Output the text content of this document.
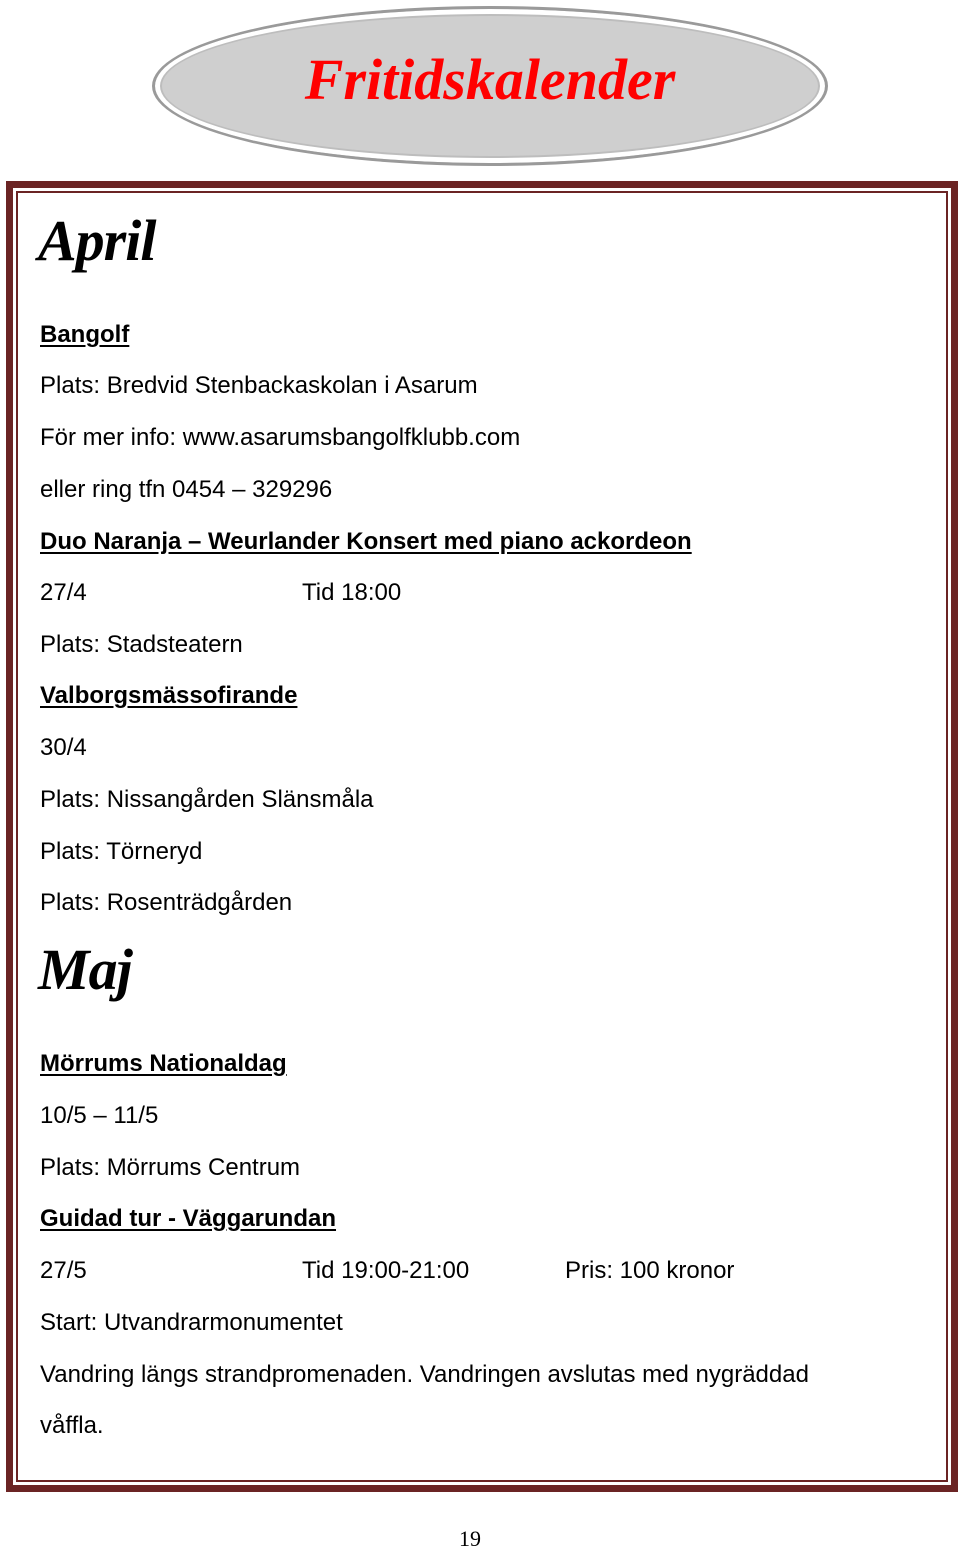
Fritidskalender
April
Bangolf
Plats: Bredvid Stenbackaskolan i Asarum
För mer info: www.asarumsbangolfklubb.com
eller ring tfn 0454 – 329296
Duo Naranja – Weurlander Konsert med piano ackordeon
27/4	Tid 18:00
Plats: Stadsteatern
Valborgsmässofirande
30/4
Plats: Nissangården Slänsmåla
Plats: Törneryd
Plats: Rosenträdgården
Maj
Mörrums Nationaldag
10/5 – 11/5
Plats: Mörrums Centrum
Guidad tur - Väggarundan
27/5	Tid 19:00-21:00	Pris: 100 kronor
Start: Utvandrarmonumentet
Vandring längs strandpromenaden. Vandringen avslutas med nygräddad
våffla.
19
